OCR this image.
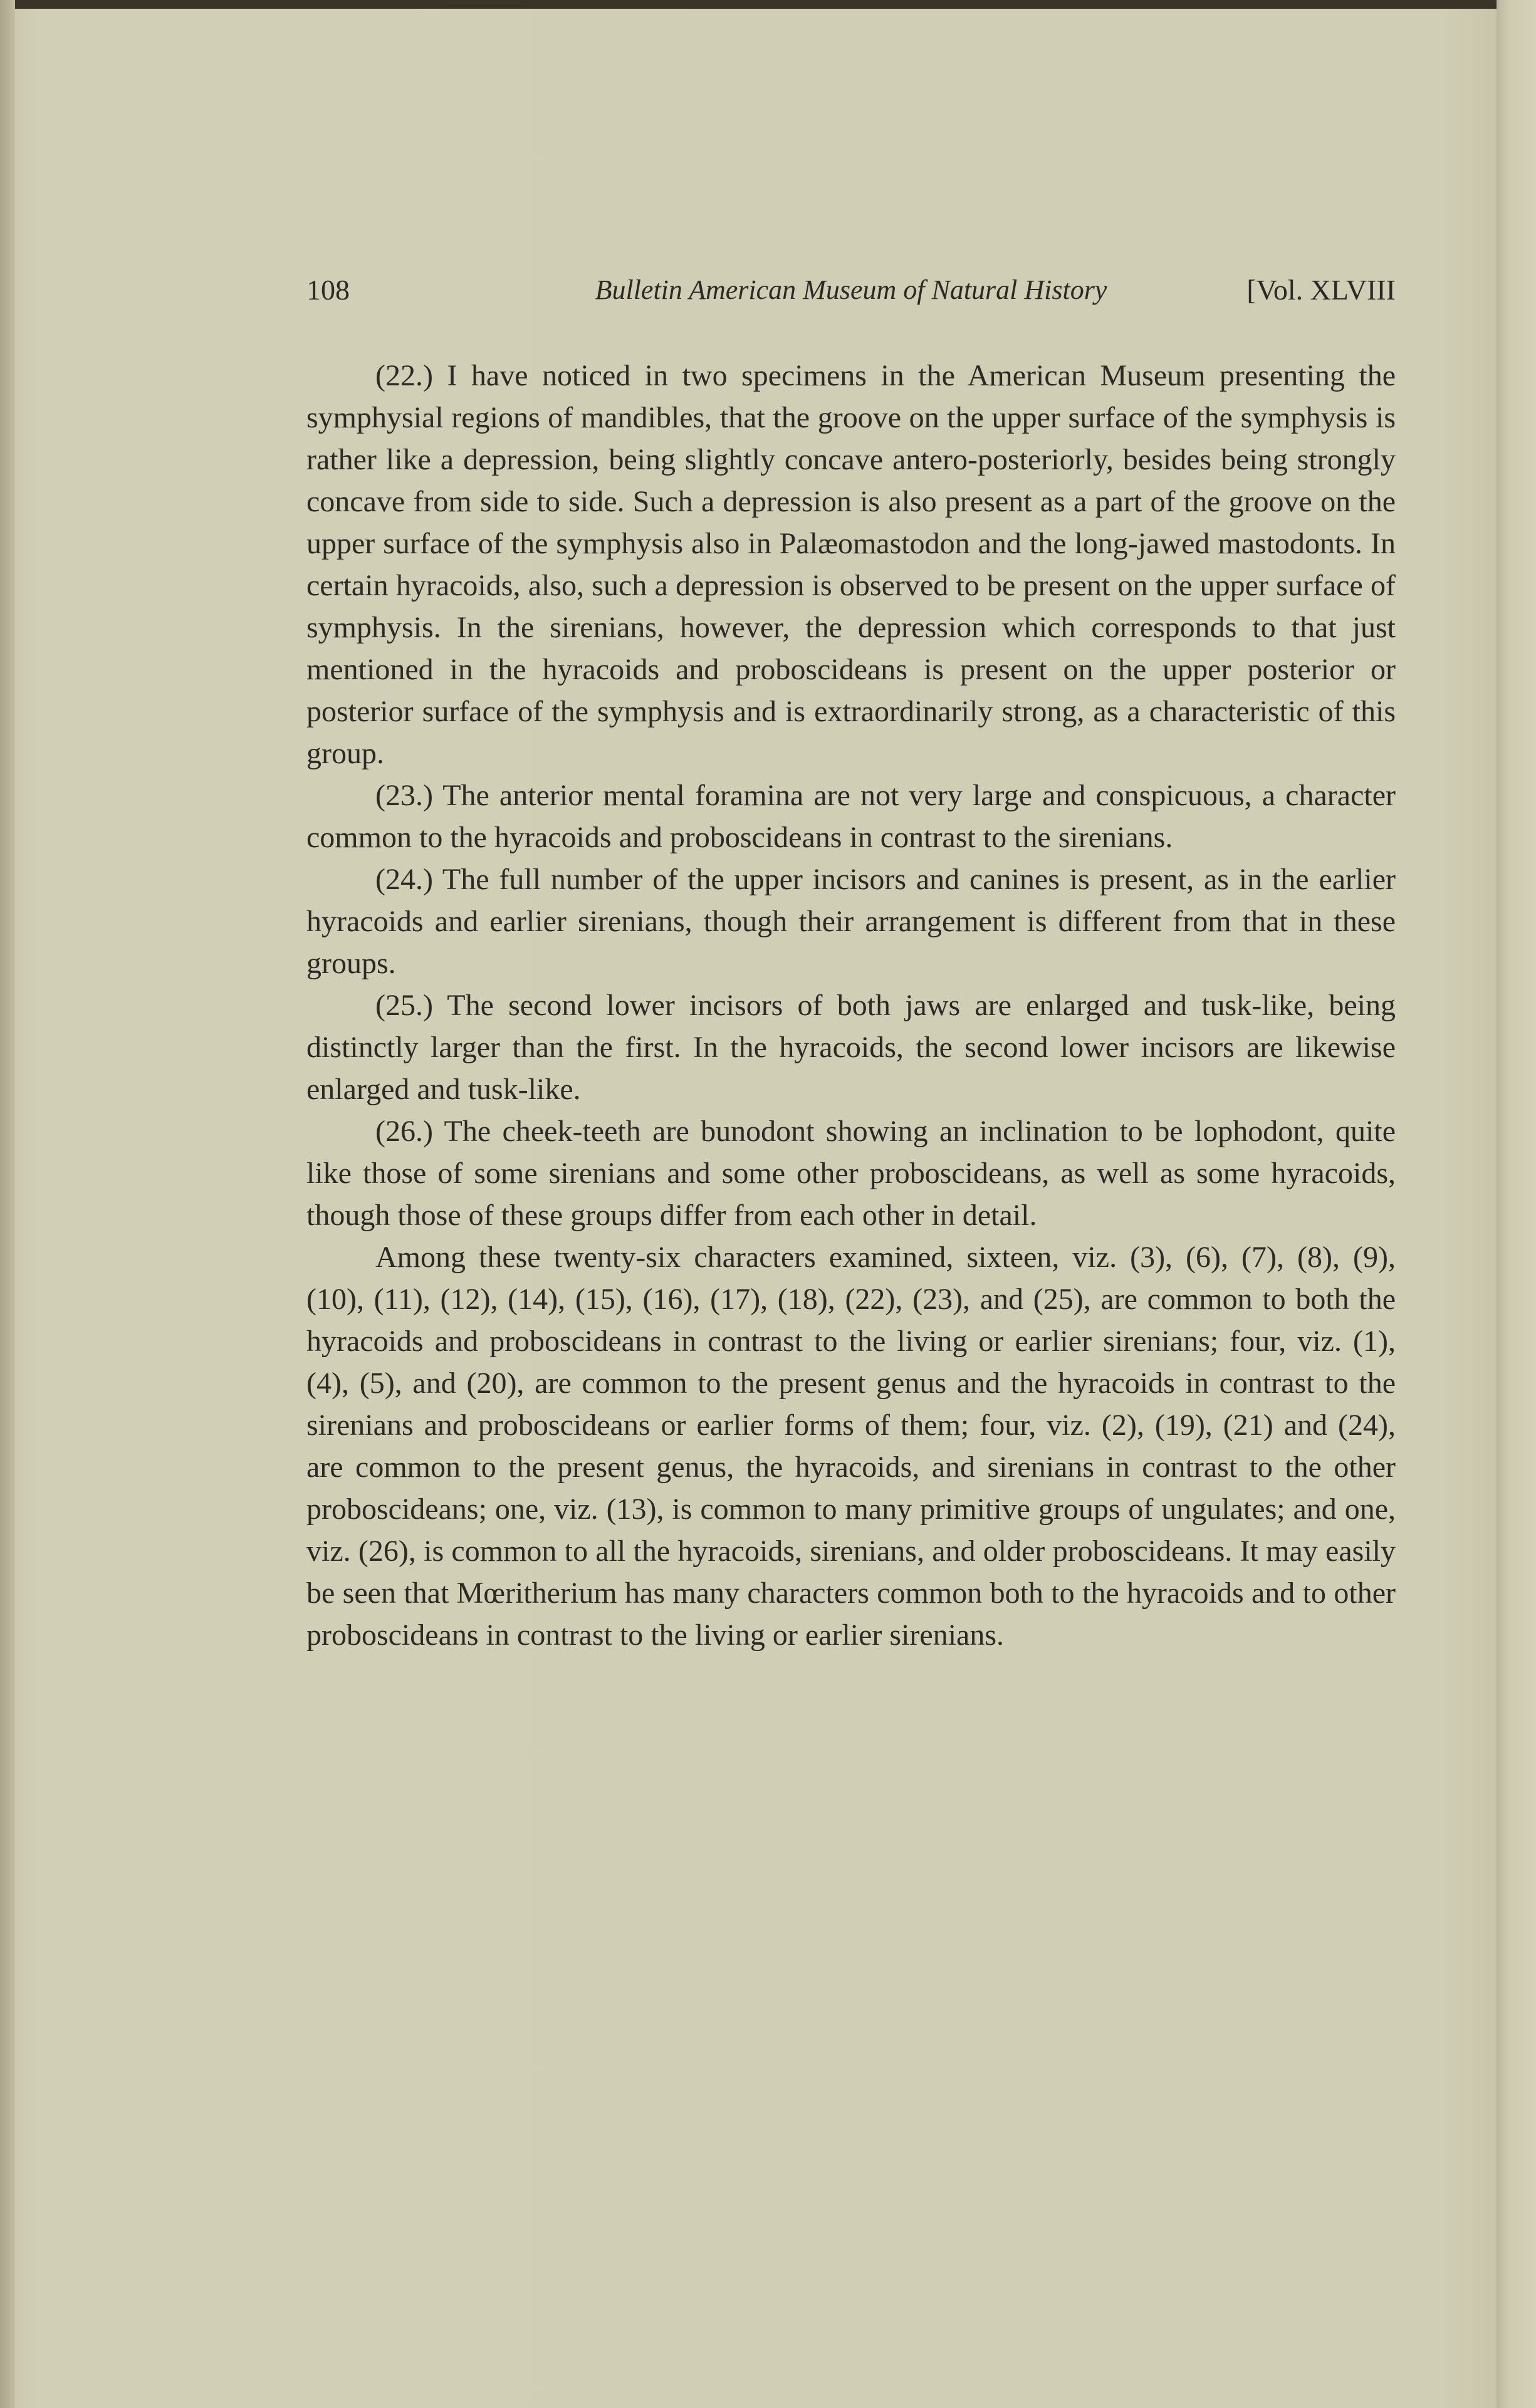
108	Bulletin American Museum of Natural History	[Vol. XLVIII

(22.) I have noticed in two specimens in the American Museum presenting the symphysial regions of mandibles, that the groove on the upper surface of the symphysis is rather like a depression, being slightly concave antero-posteriorly, besides being strongly concave from side to side. Such a depression is also present as a part of the groove on the upper surface of the symphysis also in Palæomastodon and the long-jawed mastodonts. In certain hyracoids, also, such a depression is observed to be present on the upper surface of symphysis. In the sirenians, however, the depression which corresponds to that just mentioned in the hyracoids and proboscideans is present on the upper posterior or posterior surface of the symphysis and is extraordinarily strong, as a characteristic of this group.

(23.) The anterior mental foramina are not very large and conspicuous, a character common to the hyracoids and proboscideans in contrast to the sirenians.

(24.) The full number of the upper incisors and canines is present, as in the earlier hyracoids and earlier sirenians, though their arrangement is different from that in these groups.

(25.) The second lower incisors of both jaws are enlarged and tusk-like, being distinctly larger than the first. In the hyracoids, the second lower incisors are likewise enlarged and tusk-like.

(26.) The cheek-teeth are bunodont showing an inclination to be lophodont, quite like those of some sirenians and some other proboscideans, as well as some hyracoids, though those of these groups differ from each other in detail.

Among these twenty-six characters examined, sixteen, viz. (3), (6), (7), (8), (9), (10), (11), (12), (14), (15), (16), (17), (18), (22), (23), and (25), are common to both the hyracoids and proboscideans in contrast to the living or earlier sirenians; four, viz. (1), (4), (5), and (20), are common to the present genus and the hyracoids in contrast to the sirenians and proboscideans or earlier forms of them; four, viz. (2), (19), (21) and (24), are common to the present genus, the hyracoids, and sirenians in contrast to the other proboscideans; one, viz. (13), is common to many primitive groups of ungulates; and one, viz. (26), is common to all the hyracoids, sirenians, and older proboscideans. It may easily be seen that Mœritherium has many characters common both to the hyracoids and to other proboscideans in contrast to the living or earlier sirenians.
